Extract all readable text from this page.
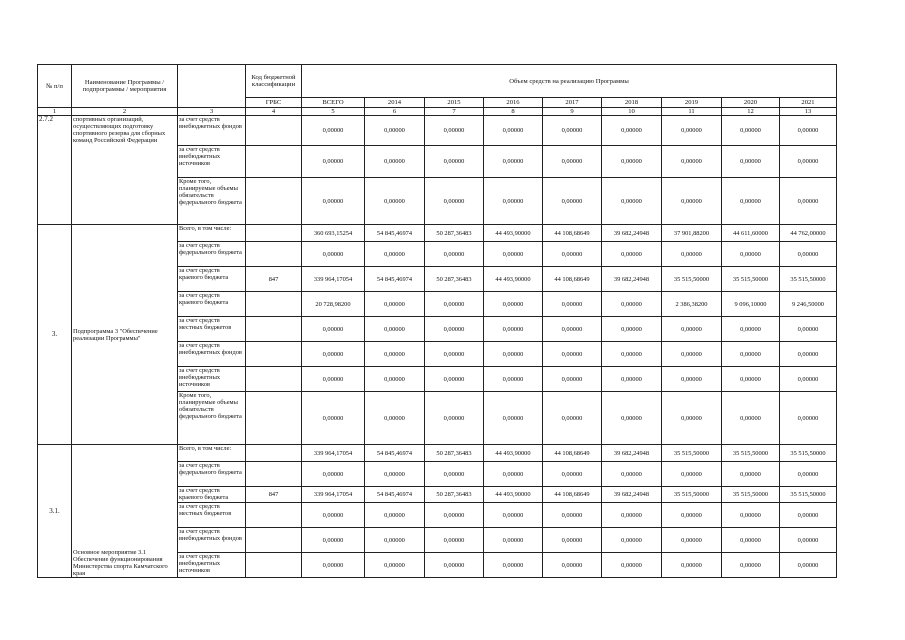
№ п/п	Наименование Программы / подпрограммы / мероприятия		Код бюджетной классификации	Объем средств на реализацию Программы								
			ГРБС	ВСЕГО	2014	2015	2016	2017	2018	2019	2020	2021
1	2	3	4	5	6	7	8	9	10	11	12	13
2.7.2	спортивных организаций, осуществляющих подготовку спортивного резерва для сборных команд Российской Федерации	за счет средств внебюджетных фондов		0,00000	0,00000	0,00000	0,00000	0,00000	0,00000	0,00000	0,00000	0,00000
		за счет средств внебюджетных источников		0,00000	0,00000	0,00000	0,00000	0,00000	0,00000	0,00000	0,00000	0,00000
		Кроме того, планируемые объемы обязательств федерального бюджета		0,00000	0,00000	0,00000	0,00000	0,00000	0,00000	0,00000	0,00000	0,00000
3.	Подпрограмма 3 "Обеспечение реализации Программы"	Всего, в том числе:		360 693,15254	54 845,46974	50 287,36483	44 493,90000	44 108,68649	39 682,24948	37 901,88200	44 611,60000	44 762,00000
		за счет средств федерального бюджета		0,00000	0,00000	0,00000	0,00000	0,00000	0,00000	0,00000	0,00000	0,00000
		за счет средств краевого бюджета	847	339 964,17054	54 845,46974	50 287,36483	44 493,90000	44 108,68649	39 682,24948	35 515,50000	35 515,50000	35 515,50000
		за счет средств краевого бюджета		20 728,98200	0,00000	0,00000	0,00000	0,00000	0,00000	2 386,38200	9 096,10000	9 246,50000
		за счет средств местных бюджетов		0,00000	0,00000	0,00000	0,00000	0,00000	0,00000	0,00000	0,00000	0,00000
		за счет средств внебюджетных фондов		0,00000	0,00000	0,00000	0,00000	0,00000	0,00000	0,00000	0,00000	0,00000
		за счет средств внебюджетных источников		0,00000	0,00000	0,00000	0,00000	0,00000	0,00000	0,00000	0,00000	0,00000
		Кроме того, планируемые объемы обязательств федерального бюджета		0,00000	0,00000	0,00000	0,00000	0,00000	0,00000	0,00000	0,00000	0,00000
3.1.	Основное мероприятие 3.1 Обеспечение функционирования Министерства спорта Камчатского края	Всего, в том числе:		339 964,17054	54 845,46974	50 287,36483	44 493,90000	44 108,68649	39 682,24948	35 515,50000	35 515,50000	35 515,50000
		за счет средств федерального бюджета		0,00000	0,00000	0,00000	0,00000	0,00000	0,00000	0,00000	0,00000	0,00000
		за счет средств краевого бюджета	847	339 964,17054	54 845,46974	50 287,36483	44 493,90000	44 108,68649	39 682,24948	35 515,50000	35 515,50000	35 515,50000
		за счет средств местных бюджетов		0,00000	0,00000	0,00000	0,00000	0,00000	0,00000	0,00000	0,00000	0,00000
		за счет средств внебюджетных фондов		0,00000	0,00000	0,00000	0,00000	0,00000	0,00000	0,00000	0,00000	0,00000
		за счет средств внебюджетных источников		0,00000	0,00000	0,00000	0,00000	0,00000	0,00000	0,00000	0,00000	0,00000
